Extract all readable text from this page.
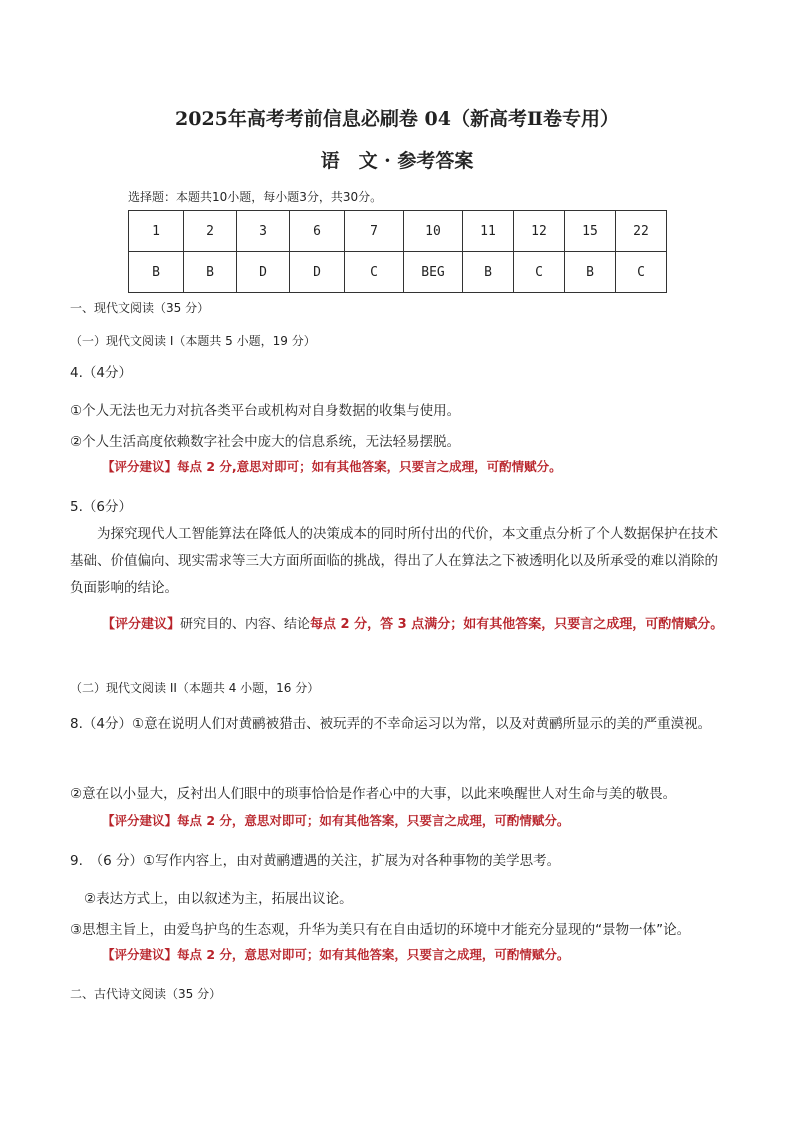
2025年高考考前信息必刷卷 04（新高考Ⅱ卷专用）
语　文 · 参考答案
选择题：本题共10小题，每小题3分，共30分。
1	2	3	6	7	10	11	12	15	22
B	B	D	D	C	BEG	B	C	B	C
一、现代文阅读（35 分）
（一）现代文阅读 I（本题共 5 小题，19 分）
4.（4分）
①个人无法也无力对抗各类平台或机构对自身数据的收集与使用。
②个人生活高度依赖数字社会中庞大的信息系统，无法轻易摆脱。
【评分建议】每点 2 分,意思对即可；如有其他答案，只要言之成理，可酌情赋分。
5.（6分）
为探究现代人工智能算法在降低人的决策成本的同时所付出的代价，本文重点分析了个人数据保护在技术基础、价值偏向、现实需求等三大方面所面临的挑战，得出了人在算法之下被透明化以及所承受的难以消除的负面影响的结论。
【评分建议】研究目的、内容、结论每点 2 分，答 3 点满分；如有其他答案，只要言之成理，可酌情赋分。
（二）现代文阅读 II（本题共 4 小题，16 分）
8.（4分）①意在说明人们对黄鹂被猎击、被玩弄的不幸命运习以为常，以及对黄鹂所显示的美的严重漠视。
②意在以小显大，反衬出人们眼中的琐事恰恰是作者心中的大事，以此来唤醒世人对生命与美的敬畏。
【评分建议】每点 2 分，意思对即可；如有其他答案，只要言之成理，可酌情赋分。
9.　（6 分）①写作内容上，由对黄鹂遭遇的关注，扩展为对各种事物的美学思考。
②表达方式上，由以叙述为主，拓展出议论。
③思想主旨上，由爱鸟护鸟的生态观，升华为美只有在自由适切的环境中才能充分显现的“景物一体”论。
【评分建议】每点 2 分，意思对即可；如有其他答案，只要言之成理，可酌情赋分。
二、古代诗文阅读（35 分）
